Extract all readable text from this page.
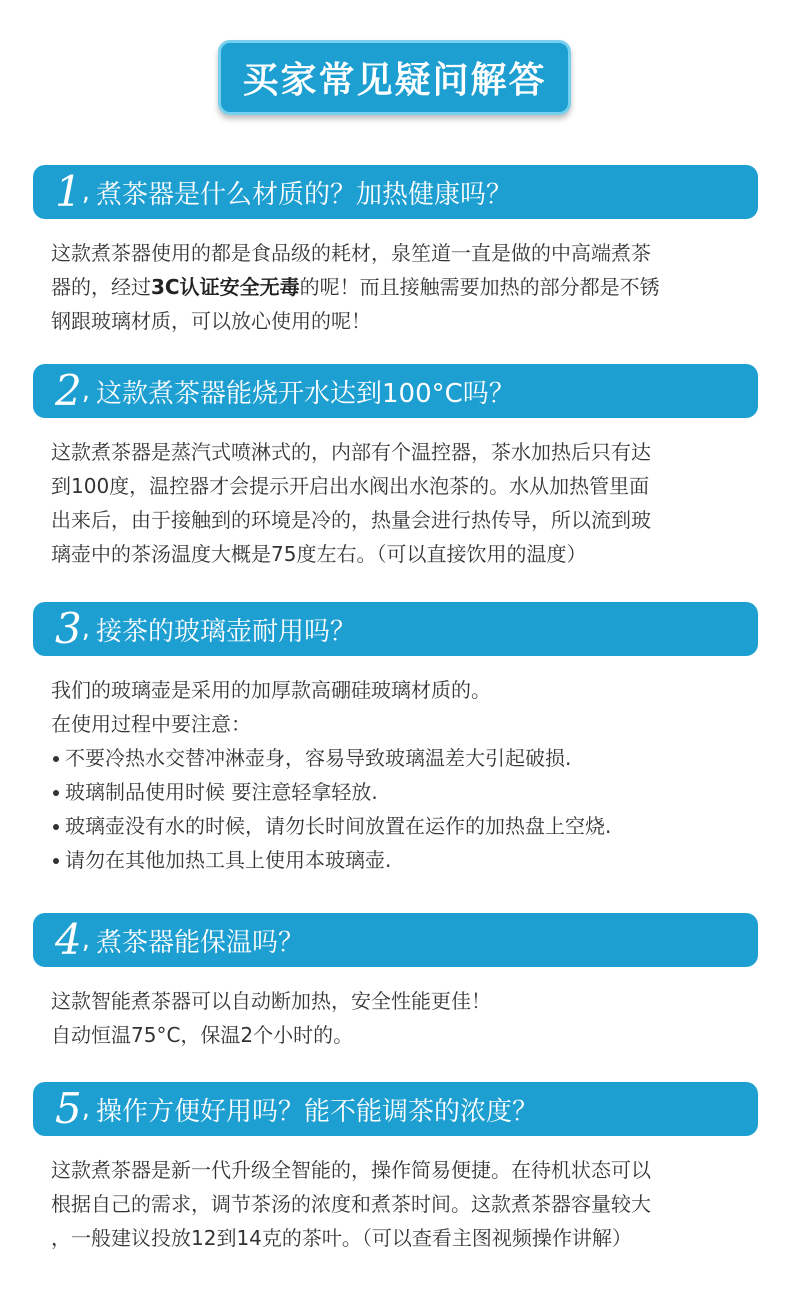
买家常见疑问解答
1 , 煮茶器是什么材质的？加热健康吗？

这款煮茶器使用的都是食品级的耗材，泉笙道一直是做的中高端煮茶

器的，经过3C认证安全无毒的呢！而且接触需要加热的部分都是不锈

钢跟玻璃材质，可以放心使用的呢！

2 , 这款煮茶器能烧开水达到100°C吗？

这款煮茶器是蒸汽式喷淋式的，内部有个温控器，茶水加热后只有达

到100度，温控器才会提示开启出水阀出水泡茶的。水从加热管里面

出来后，由于接触到的环境是冷的，热量会进行热传导，所以流到玻

璃壶中的茶汤温度大概是75度左右。（可以直接饮用的温度）

3 , 接茶的玻璃壶耐用吗？

我们的玻璃壶是采用的加厚款高硼硅玻璃材质的。

在使用过程中要注意：

不要冷热水交替冲淋壶身，容易导致玻璃温差大引起破损.

玻璃制品使用时候 要注意轻拿轻放.

玻璃壶没有水的时候，请勿长时间放置在运作的加热盘上空烧.

请勿在其他加热工具上使用本玻璃壶.

4 , 煮茶器能保温吗？

这款智能煮茶器可以自动断加热，安全性能更佳！

自动恒温75°C，保温2个小时的。

5 , 操作方便好用吗？能不能调茶的浓度？

这款煮茶器是新一代升级全智能的，操作简易便捷。在待机状态可以

根据自己的需求，调节茶汤的浓度和煮茶时间。这款煮茶器容量较大

，一般建议投放12到14克的茶叶。（可以查看主图视频操作讲解）
